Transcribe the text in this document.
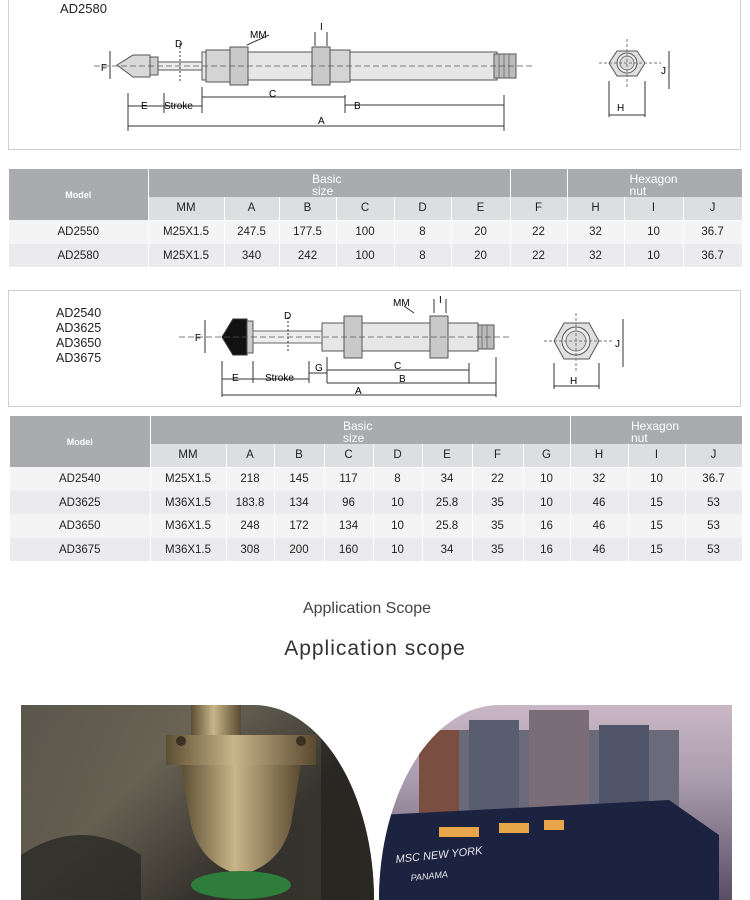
AD2580
F
D
MM
I
E Stroke
C
B
A
J
H
Model	Basic size							Hexagon nut		
	MM	A	B	C	D	E	F	H	I	J
AD2550	M25X1.5	247.5	177.5	100	8	20	22	32	10	36.7
AD2580	M25X1.5	340	242	100	8	20	22	32	10	36.7
AD2540
AD3625
AD3650
AD3675
F
D
MM	I
E	Stroke
G	C
B
A
J
H
Model	Basic size								Hexagon nut		
	MM	A	B	C	D	E	F	G	H	I	J
AD2540	M25X1.5	218	145	117	8	34	22	10	32	10	36.7
AD3625	M36X1.5	183.8	134	96	10	25.8	35	10	46	15	53
AD3650	M36X1.5	248	172	134	10	25.8	35	16	46	15	53
AD3675	M36X1.5	308	200	160	10	34	35	16	46	15	53
Application Scope
Application scope
MSC NEW YORK
PANAMA
